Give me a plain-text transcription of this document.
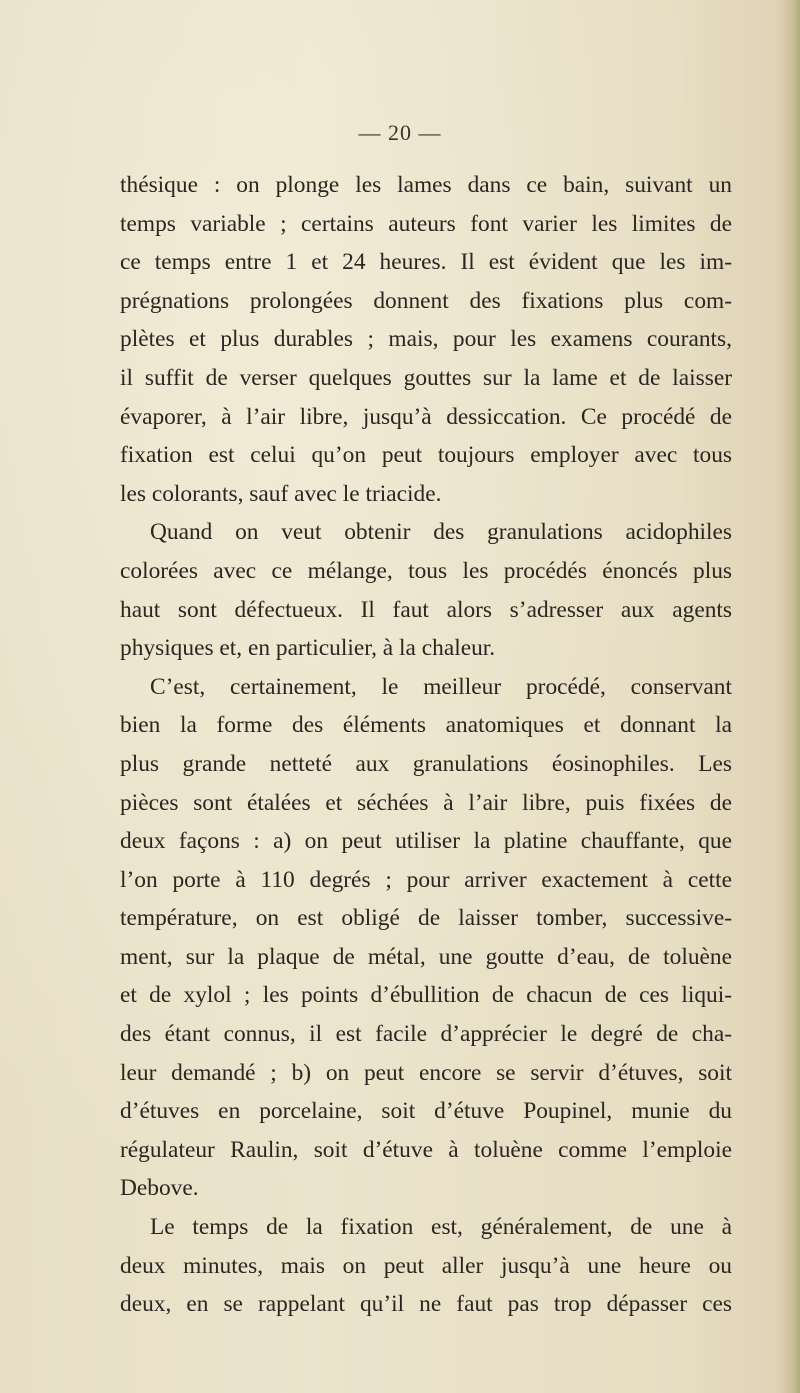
— 20 —
thésique : on plonge les lames dans ce bain, suivant un
temps variable ; certains auteurs font varier les limites de
ce temps entre 1 et 24 heures. Il est évident que les im-
prégnations prolongées donnent des fixations plus com-
plètes et plus durables ; mais, pour les examens courants,
il suffit de verser quelques gouttes sur la lame et de laisser
évaporer, à l’air libre, jusqu’à dessiccation. Ce procédé de
fixation est celui qu’on peut toujours employer avec tous
les colorants, sauf avec le triacide.
Quand on veut obtenir des granulations acidophiles
colorées avec ce mélange, tous les procédés énoncés plus
haut sont défectueux. Il faut alors s’adresser aux agents
physiques et, en particulier, à la chaleur.
C’est, certainement, le meilleur procédé, conservant
bien la forme des éléments anatomiques et donnant la
plus grande netteté aux granulations éosinophiles. Les
pièces sont étalées et séchées à l’air libre, puis fixées de
deux façons : a) on peut utiliser la platine chauffante, que
l’on porte à 110 degrés ; pour arriver exactement à cette
température, on est obligé de laisser tomber, successive-
ment, sur la plaque de métal, une goutte d’eau, de toluène
et de xylol ; les points d’ébullition de chacun de ces liqui-
des étant connus, il est facile d’apprécier le degré de cha-
leur demandé ; b) on peut encore se servir d’étuves, soit
d’étuves en porcelaine, soit d’étuve Poupinel, munie du
régulateur Raulin, soit d’étuve à toluène comme l’emploie
Debove.
Le temps de la fixation est, généralement, de une à
deux minutes, mais on peut aller jusqu’à une heure ou
deux, en se rappelant qu’il ne faut pas trop dépasser ces
